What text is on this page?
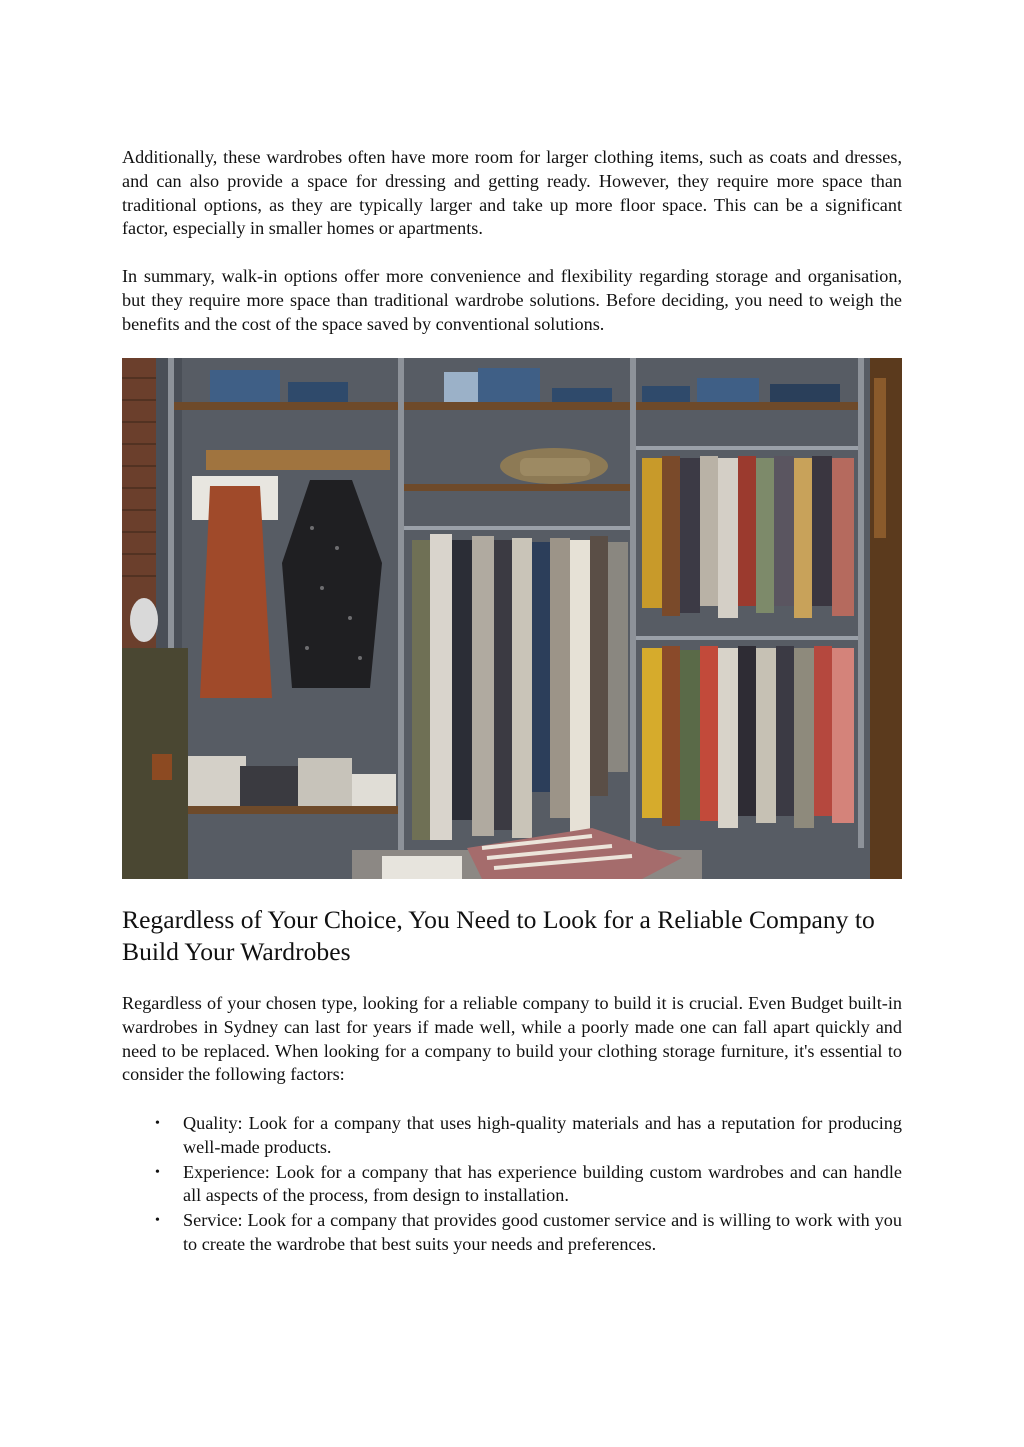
Additionally, these wardrobes often have more room for larger clothing items, such as coats and dresses, and can also provide a space for dressing and getting ready. However, they require more space than traditional options, as they are typically larger and take up more floor space. This can be a significant factor, especially in smaller homes or apartments.

In summary, walk-in options offer more convenience and flexibility regarding storage and organisation, but they require more space than traditional wardrobe solutions. Before deciding, you need to weigh the benefits and the cost of the space saved by conventional solutions.

Regardless of Your Choice, You Need to Look for a Reliable Company to Build Your Wardrobes

Regardless of your chosen type, looking for a reliable company to build it is crucial. Even Budget built-in wardrobes in Sydney can last for years if made well, while a poorly made one can fall apart quickly and need to be replaced. When looking for a company to build your clothing storage furniture, it's essential to consider the following factors:

• Quality: Look for a company that uses high-quality materials and has a reputation for producing well-made products.
• Experience: Look for a company that has experience building custom wardrobes and can handle all aspects of the process, from design to installation.
• Service: Look for a company that provides good customer service and is willing to work with you to create the wardrobe that best suits your needs and preferences.
